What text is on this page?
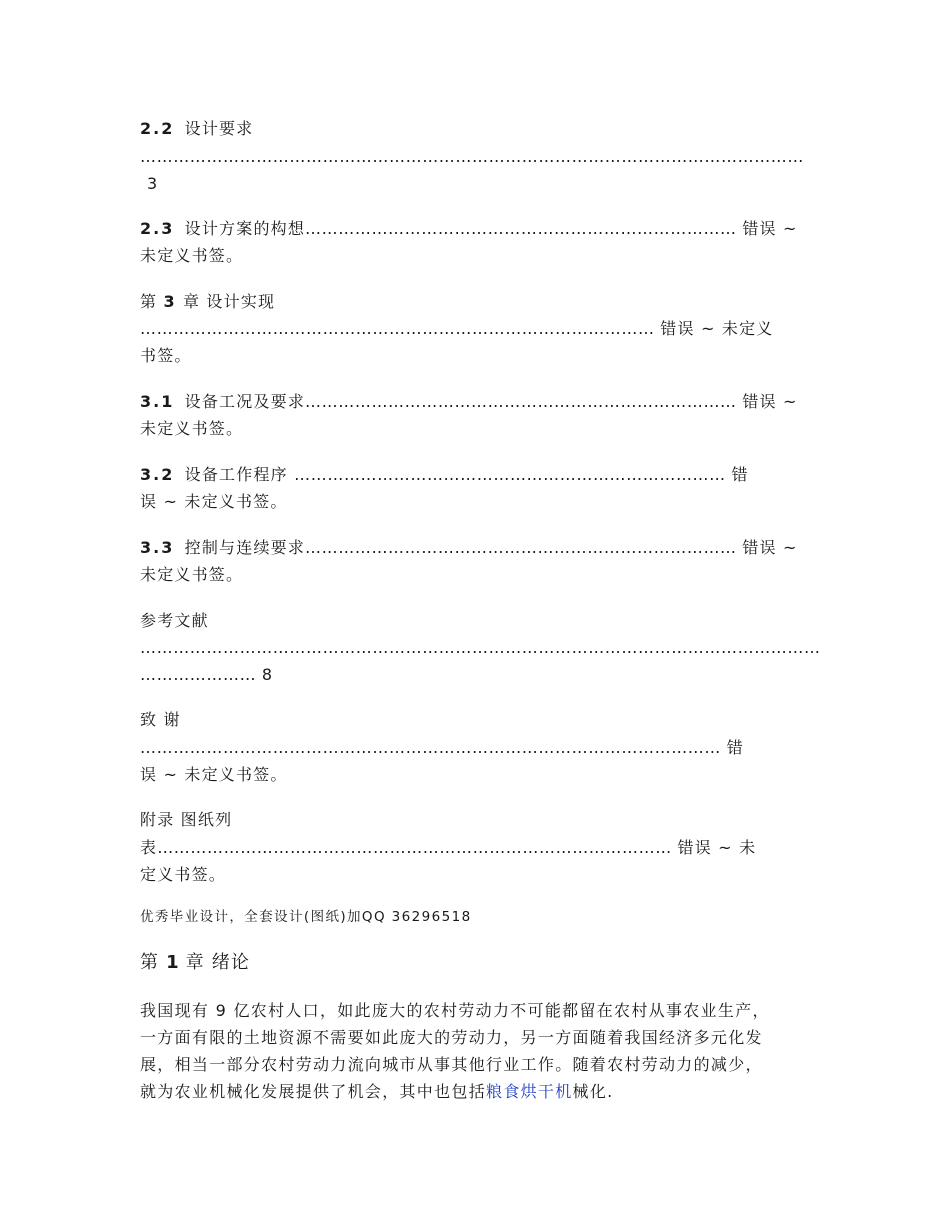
2.2 设计要求
…………………………………………………………………………………………………………
3
2.3 设计方案的构想…………………………………………………………………… 错误 ~
未定义书签。
第 3 章 设计实现
………………………………………………………………………………… 错误 ~ 未定义
书签。
3.1 设备工况及要求…………………………………………………………………… 错误 ~
未定义书签。
3.2 设备工作程序 …………………………………………………………………… 错
误 ~ 未定义书签。
3.3 控制与连续要求…………………………………………………………………… 错误 ~
未定义书签。
参考文献
……………………………………………………………………………………………………………
………………… 8
致 谢
…………………………………………………………………………………………… 错
误 ~ 未定义书签。
附录 图纸列
表………………………………………………………………………………… 错误 ~ 未
定义书签。
优秀毕业设计，全套设计(图纸)加QQ 36296518
第 1 章 绪论
我国现有 9 亿农村人口，如此庞大的农村劳动力不可能都留在农村从事农业生产，
一方面有限的土地资源不需要如此庞大的劳动力，另一方面随着我国经济多元化发
展，相当一部分农村劳动力流向城市从事其他行业工作。随着农村劳动力的减少，
就为农业机械化发展提供了机会，其中也包括粮食烘干机械化.
